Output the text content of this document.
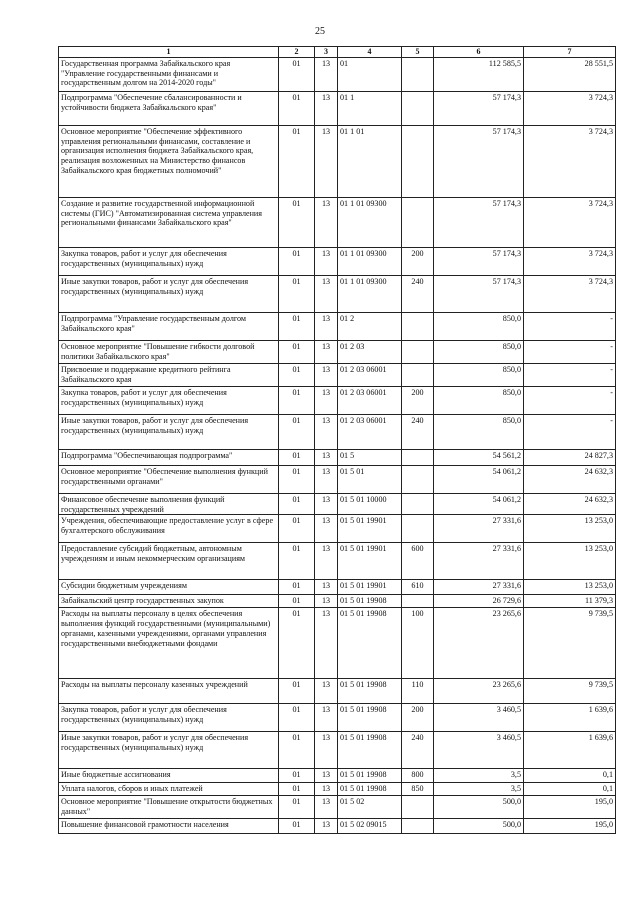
25
1	2	3	4	5	6	7
Государственная программа Забайкальского края "Управление государственными финансами и государственным долгом на 2014-2020 годы"	01	13	01		112 585,5	28 551,5
Подпрограмма "Обеспечение сбалансированности и устойчивости бюджета Забайкальского края"	01	13	01 1		57 174,3	3 724,3
Основное мероприятие "Обеспечение эффективного управления региональными финансами, составление и организация исполнения бюджета Забайкальского края, реализация возложенных на Министерство финансов Забайкальского края бюджетных полномочий"	01	13	01 1 01		57 174,3	3 724,3
Создание и развитие государственной информационной системы (ГИС) "Автоматизированная система управления региональными финансами Забайкальского края"	01	13	01 1 01 09300		57 174,3	3 724,3
Закупка товаров, работ и услуг для обеспечения государственных (муниципальных) нужд	01	13	01 1 01 09300	200	57 174,3	3 724,3
Иные закупки товаров, работ и услуг для обеспечения государственных (муниципальных) нужд	01	13	01 1 01 09300	240	57 174,3	3 724,3
Подпрограмма "Управление государственным долгом Забайкальского края"	01	13	01 2		850,0	-
Основное мероприятие "Повышение гибкости долговой политики Забайкальского края"	01	13	01 2 03		850,0	-
Присвоение и поддержание кредитного рейтинга Забайкальского края	01	13	01 2 03 06001		850,0	-
Закупка товаров, работ и услуг для обеспечения государственных (муниципальных) нужд	01	13	01 2 03 06001	200	850,0	-
Иные закупки товаров, работ и услуг для обеспечения государственных (муниципальных) нужд	01	13	01 2 03 06001	240	850,0	-
Подпрограмма "Обеспечивающая подпрограмма"	01	13	01 5		54 561,2	24 827,3
Основное мероприятие "Обеспечение выполнения функций государственными органами"	01	13	01 5 01		54 061,2	24 632,3
Финансовое обеспечение выполнения функций государственных учреждений	01	13	01 5 01 10000		54 061,2	24 632,3
Учреждения, обеспечивающие предоставление услуг в сфере бухгалтерского обслуживания	01	13	01 5 01 19901		27 331,6	13 253,0
Предоставление субсидий бюджетным, автономным учреждениям и иным некоммерческим организациям	01	13	01 5 01 19901	600	27 331,6	13 253,0
Субсидии бюджетным учреждениям	01	13	01 5 01 19901	610	27 331,6	13 253,0
Забайкальский центр государственных закупок	01	13	01 5 01 19908		26 729,6	11 379,3
Расходы на выплаты персоналу в целях обеспечения выполнения функций государственными (муниципальными) органами, казенными учреждениями, органами управления государственными внебюджетными фондами	01	13	01 5 01 19908	100	23 265,6	9 739,5
Расходы на выплаты персоналу казенных учреждений	01	13	01 5 01 19908	110	23 265,6	9 739,5
Закупка товаров, работ и услуг для обеспечения государственных (муниципальных) нужд	01	13	01 5 01 19908	200	3 460,5	1 639,6
Иные закупки товаров, работ и услуг для обеспечения государственных (муниципальных) нужд	01	13	01 5 01 19908	240	3 460,5	1 639,6
Иные бюджетные ассигнования	01	13	01 5 01 19908	800	3,5	0,1
Уплата налогов, сборов и иных платежей	01	13	01 5 01 19908	850	3,5	0,1
Основное мероприятие "Повышение открытости бюджетных данных"	01	13	01 5 02		500,0	195,0
Повышение финансовой грамотности населения	01	13	01 5 02 09015		500,0	195,0
